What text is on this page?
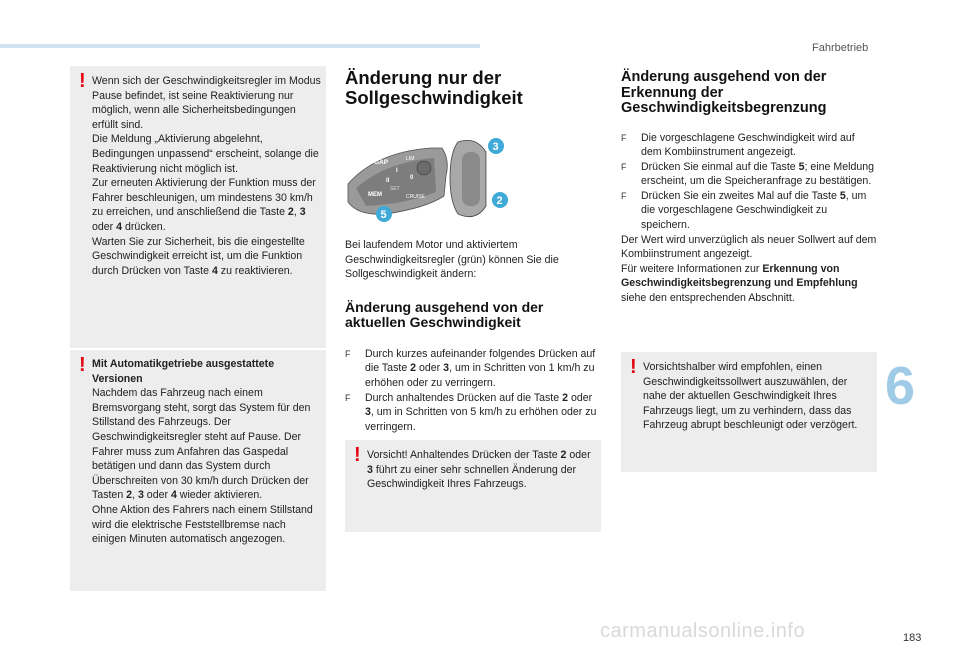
Fahrbetrieb
6
183
carmanualsonline.info
! Wenn sich der Geschwindigkeitsregler im Modus Pause befindet, ist seine Reaktivierung nur möglich, wenn alle Sicherheitsbedingungen erfüllt sind.

Die Meldung „Aktivierung abgelehnt, Bedingungen unpassend“ erscheint, solange die Reaktivierung nicht möglich ist.

Zur erneuten Aktivierung der Funktion muss der Fahrer beschleunigen, um mindestens 30 km/h zu erreichen, und anschließend die Taste 2, 3 oder 4 drücken.

Warten Sie zur Sicherheit, bis die eingestellte Geschwindigkeit erreicht ist, um die Funktion durch Drücken von Taste 4 zu reaktivieren.

! Mit Automatikgetriebe ausgestattete Versionen

Nachdem das Fahrzeug nach einem Bremsvorgang steht, sorgt das System für den Stillstand des Fahrzeugs. Der Geschwindigkeitsregler steht auf Pause. Der Fahrer muss zum Anfahren das Gaspedal betätigen und dann das System durch Überschreiten von 30 km/h durch Drücken der Tasten 2, 3 oder 4 wieder aktivieren.

Ohne Aktion des Fahrers nach einem Stillstand wird die elektrische Feststellbremse nach einigen Minuten automatisch angezogen.

Änderung nur der Sollgeschwindigkeit
GAP
MEM
LIM
CRUISE
0
I
II
SET
3
2
5

Bei laufendem Motor und aktiviertem Geschwindigkeitsregler (grün) können Sie die Sollgeschwindigkeit ändern:

Änderung ausgehend von der aktuellen Geschwindigkeit
F Durch kurzes aufeinander folgendes Drücken auf die Taste 2 oder 3, um in Schritten von 1 km/h zu erhöhen oder zu verringern.
F Durch anhaltendes Drücken auf die Taste 2 oder 3, um in Schritten von 5 km/h zu erhöhen oder zu verringern.
! Vorsicht! Anhaltendes Drücken der Taste 2 oder 3 führt zu einer sehr schnellen Änderung der Geschwindigkeit Ihres Fahrzeugs.

Änderung ausgehend von der Erkennung der Geschwindigkeitsbegrenzung
F Die vorgeschlagene Geschwindigkeit wird auf dem Kombiinstrument angezeigt.
F Drücken Sie einmal auf die Taste 5; eine Meldung erscheint, um die Speicheranfrage zu bestätigen.
F Drücken Sie ein zweites Mal auf die Taste 5, um die vorgeschlagene Geschwindigkeit zu speichern.

Der Wert wird unverzüglich als neuer Sollwert auf dem Kombiinstrument angezeigt.

Für weitere Informationen zur Erkennung von Geschwindigkeitsbegrenzung und Empfehlung siehe den entsprechenden Abschnitt.

! Vorsichtshalber wird empfohlen, einen Geschwindigkeitssollwert auszuwählen, der nahe der aktuellen Geschwindigkeit Ihres Fahrzeugs liegt, um zu verhindern, dass das Fahrzeug abrupt beschleunigt oder verzögert.
